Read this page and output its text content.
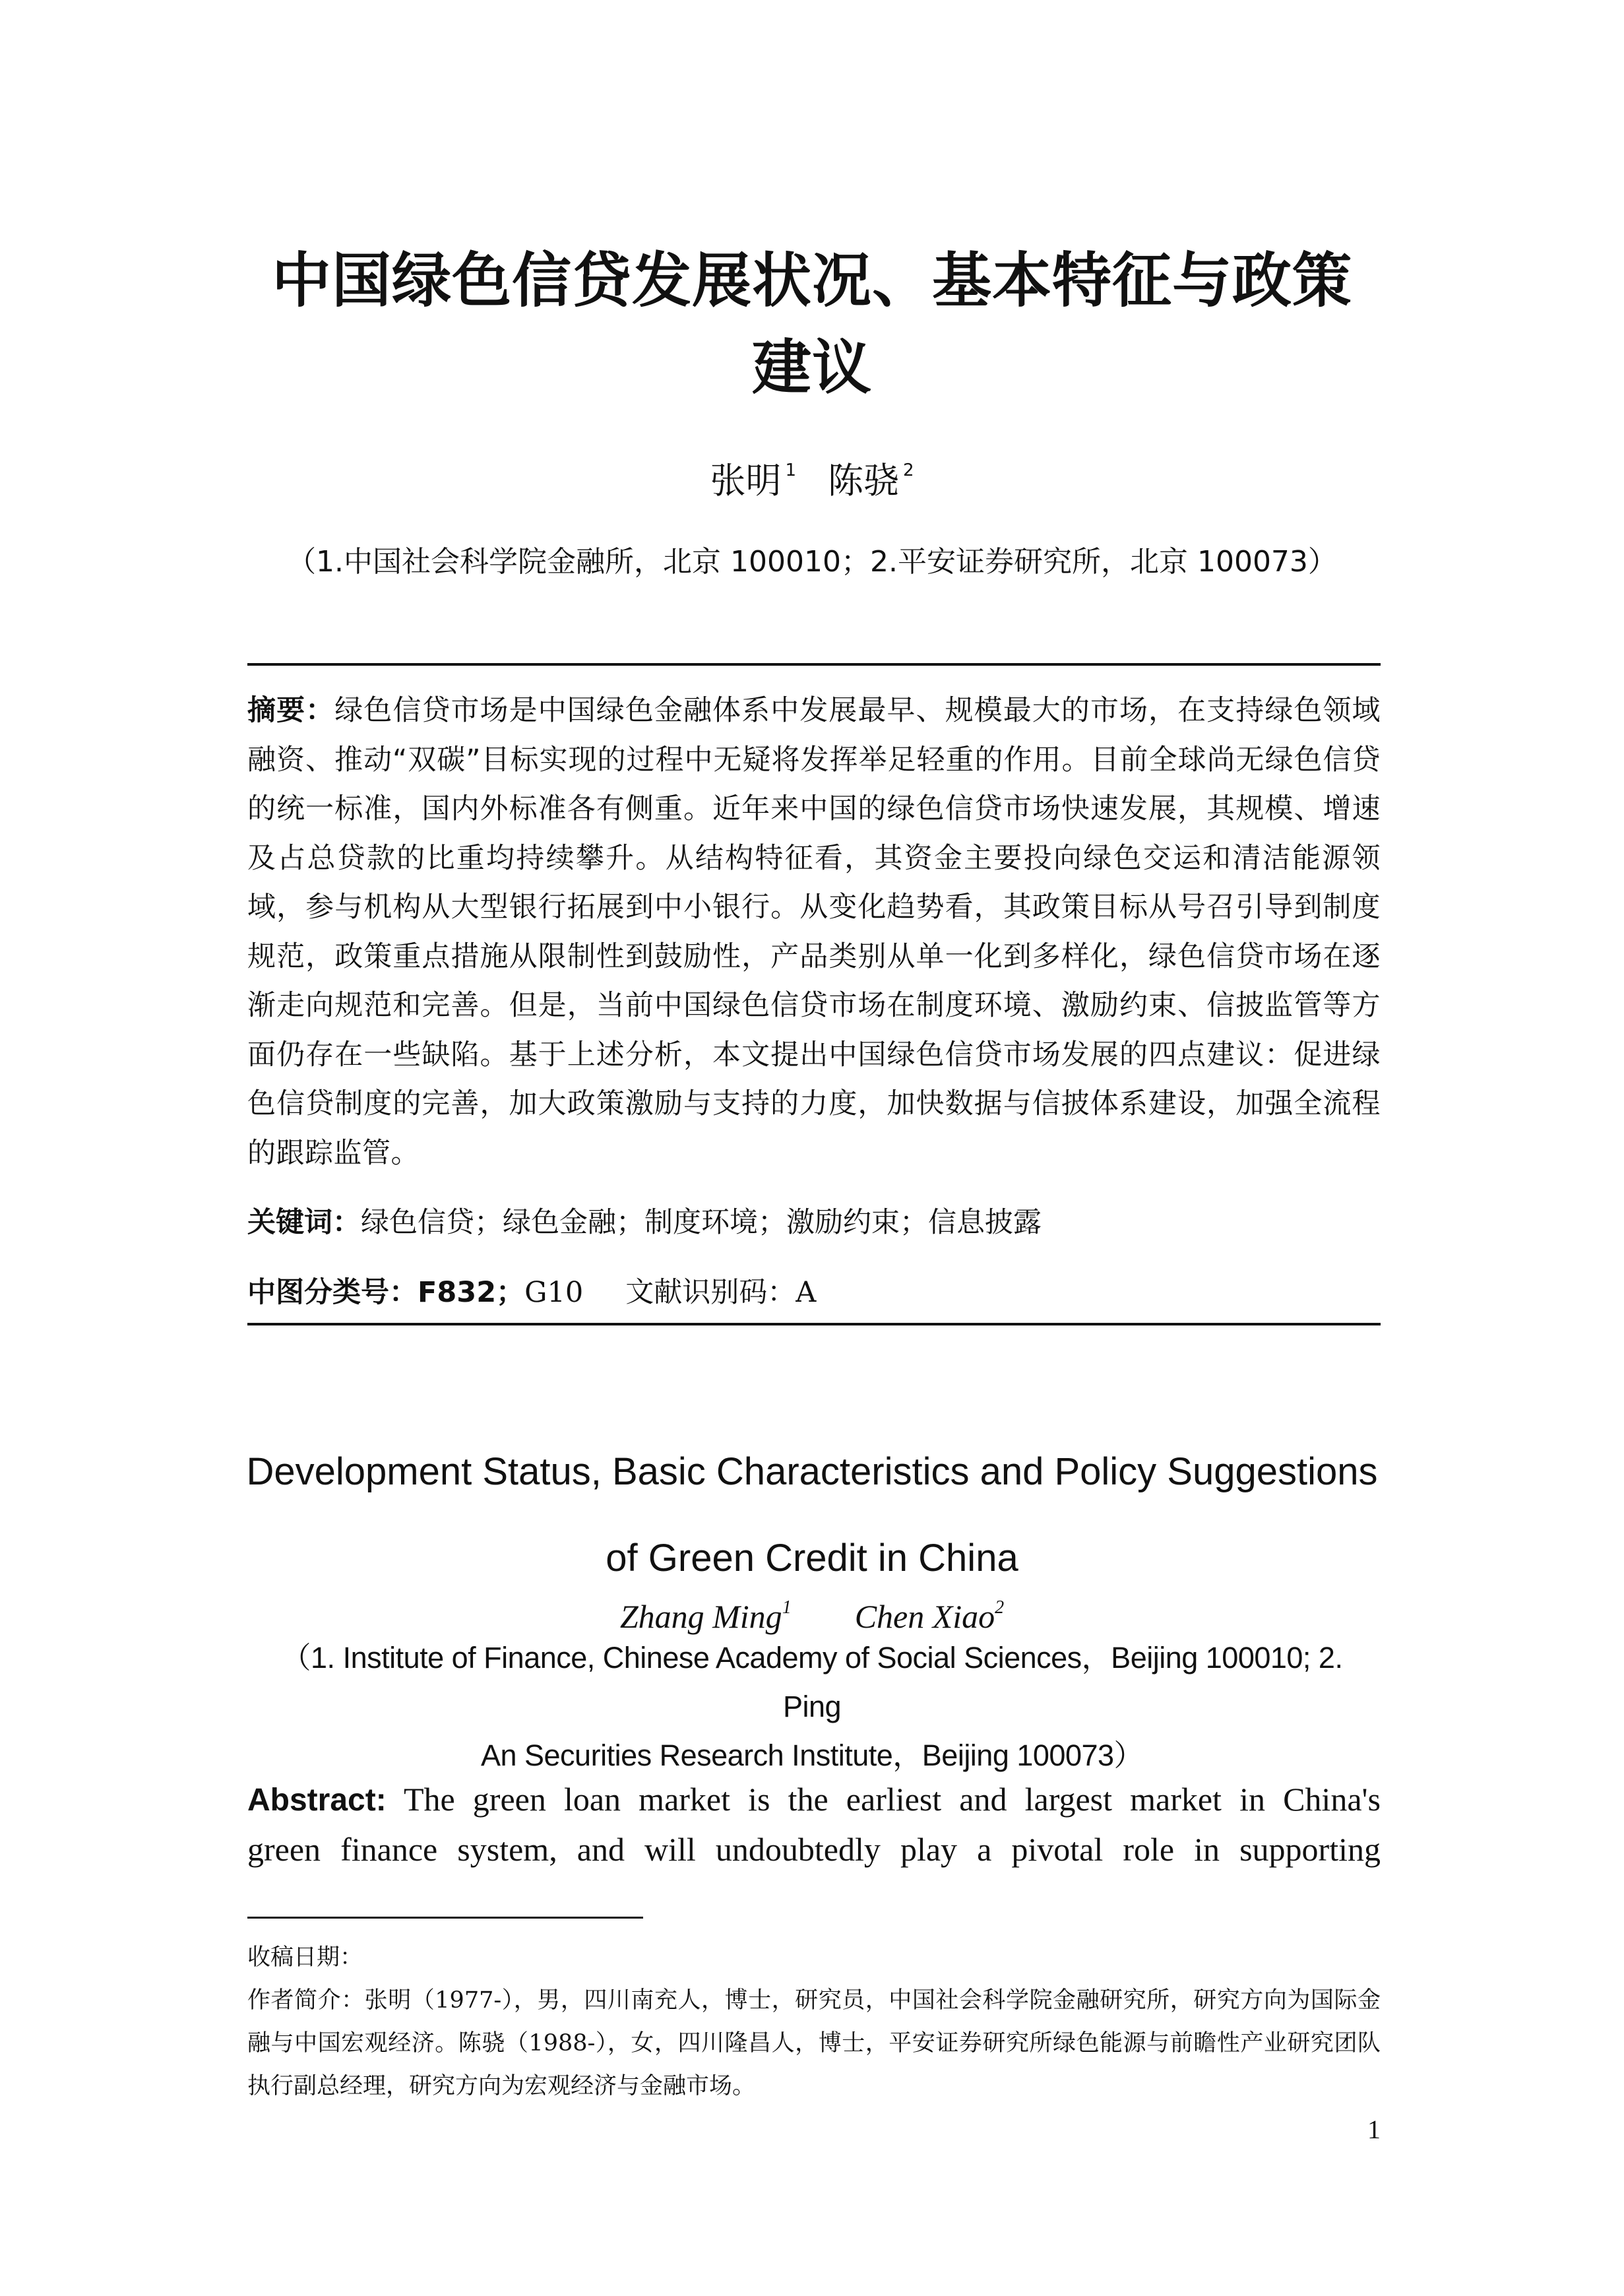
中国绿色信贷发展状况、基本特征与政策
建议
张明 $^1$ 陈骁 $^2$
（1.中国社会科学院金融所，北京 100010；2.平安证券研究所，北京 100073）
摘要：绿色信贷市场是中国绿色金融体系中发展最早、规模最大的市场，在支持绿色领域融资、推动“双碳”目标实现的过程中无疑将发挥举足轻重的作用。目前全球尚无绿色信贷的统一标准，国内外标准各有侧重。近年来中国的绿色信贷市场快速发展，其规模、增速及占总贷款的比重均持续攀升。从结构特征看，其资金主要投向绿色交运和清洁能源领域，参与机构从大型银行拓展到中小银行。从变化趋势看，其政策目标从号召引导到制度规范，政策重点措施从限制性到鼓励性，产品类别从单一化到多样化，绿色信贷市场在逐渐走向规范和完善。但是，当前中国绿色信贷市场在制度环境、激励约束、信披监管等方面仍存在一些缺陷。基于上述分析，本文提出中国绿色信贷市场发展的四点建议：促进绿色信贷制度的完善，加大政策激励与支持的力度，加快数据与信披体系建设，加强全流程的跟踪监管。
关键词：绿色信贷；绿色金融；制度环境；激励约束；信息披露
中图分类号：F832；G10 文献识别码：A
Development Status, Basic Characteristics and Policy Suggestions
of Green Credit in China
Zhang Ming$^1$ Chen Xiao$^2$
（1. Institute of Finance, Chinese Academy of Social Sciences，Beijing 100010; 2. Ping
An Securities Research Institute，Beijing 100073）
Abstract: The green loan market is the earliest and largest market in China's
green finance system, and will undoubtedly play a pivotal role in supporting

收稿日期：

作者简介：张明（1977-），男，四川南充人，博士，研究员，中国社会科学院金融研究所，研究方向为国际金融与中国宏观经济。陈骁（1988-），女，四川隆昌人，博士，平安证券研究所绿色能源与前瞻性产业研究团队执行副总经理，研究方向为宏观经济与金融市场。

1
